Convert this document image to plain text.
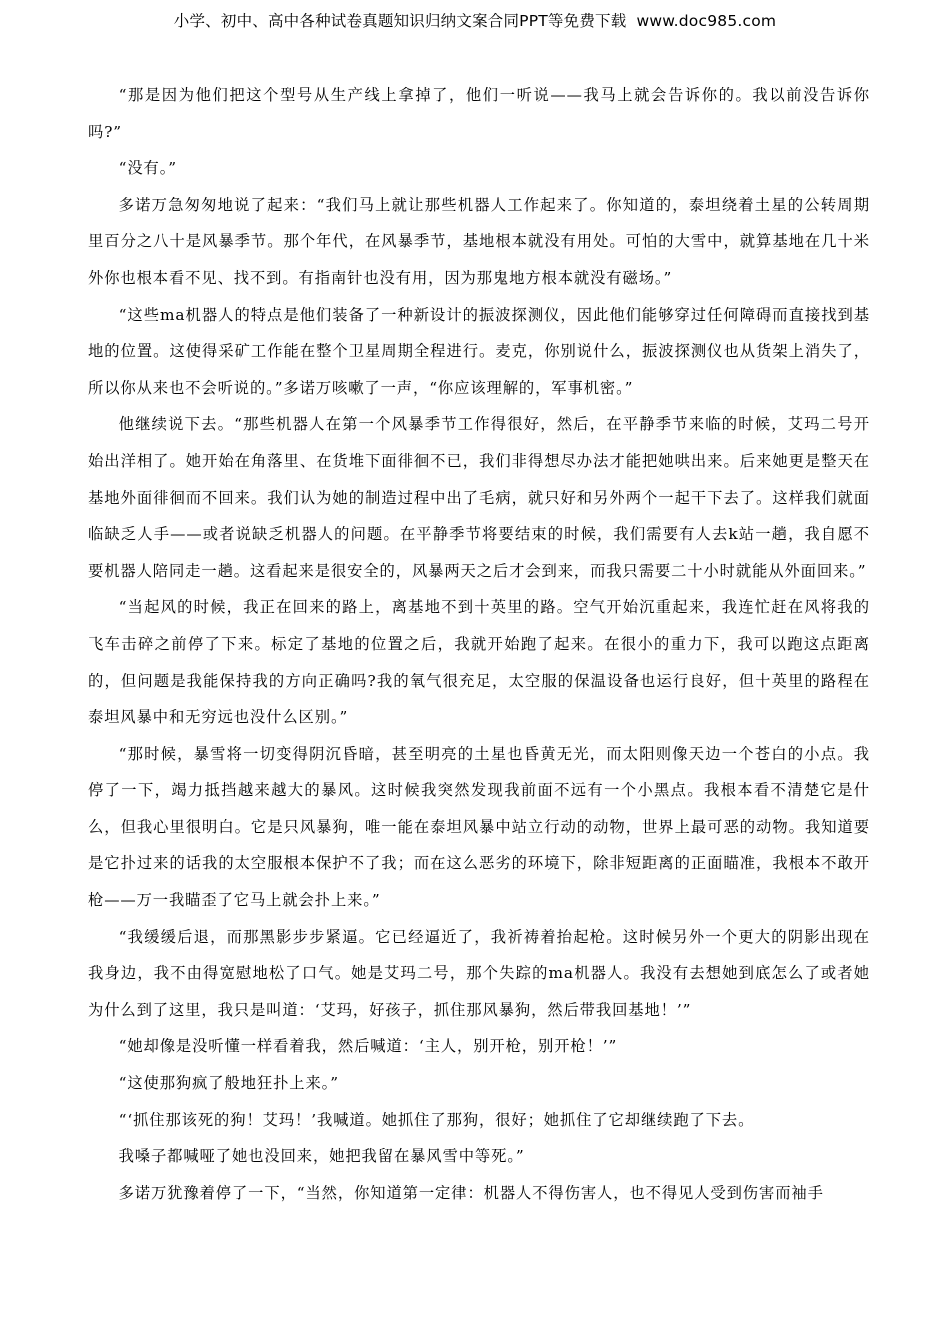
小学、初中、高中各种试卷真题知识归纳文案合同PPT等免费下载 www.doc985.com

“那是因为他们把这个型号从生产线上拿掉了，他们一听说——我马上就会告诉你的。我以前没告诉你吗?”

“没有。”

多诺万急匆匆地说了起来：“我们马上就让那些机器人工作起来了。你知道的，泰坦绕着土星的公转周期里百分之八十是风暴季节。那个年代，在风暴季节，基地根本就没有用处。可怕的大雪中，就算基地在几十米外你也根本看不见、找不到。有指南针也没有用，因为那鬼地方根本就没有磁场。”

“这些ma机器人的特点是他们装备了一种新设计的振波探测仪，因此他们能够穿过任何障碍而直接找到基地的位置。这使得采矿工作能在整个卫星周期全程进行。麦克，你别说什么，振波探测仪也从货架上消失了，所以你从来也不会听说的。”多诺万咳嗽了一声，“你应该理解的，军事机密。”

他继续说下去。“那些机器人在第一个风暴季节工作得很好，然后，在平静季节来临的时候，艾玛二号开始出洋相了。她开始在角落里、在货堆下面徘徊不已，我们非得想尽办法才能把她哄出来。后来她更是整天在基地外面徘徊而不回来。我们认为她的制造过程中出了毛病，就只好和另外两个一起干下去了。这样我们就面临缺乏人手——或者说缺乏机器人的问题。在平静季节将要结束的时候，我们需要有人去k站一趟，我自愿不要机器人陪同走一趟。这看起来是很安全的，风暴两天之后才会到来，而我只需要二十小时就能从外面回来。”

“当起风的时候，我正在回来的路上，离基地不到十英里的路。空气开始沉重起来，我连忙赶在风将我的飞车击碎之前停了下来。标定了基地的位置之后，我就开始跑了起来。在很小的重力下，我可以跑这点距离的，但问题是我能保持我的方向正确吗?我的氧气很充足，太空服的保温设备也运行良好，但十英里的路程在泰坦风暴中和无穷远也没什么区别。”

“那时候，暴雪将一切变得阴沉昏暗，甚至明亮的土星也昏黄无光，而太阳则像天边一个苍白的小点。我停了一下，竭力抵挡越来越大的暴风。这时候我突然发现我前面不远有一个小黑点。我根本看不清楚它是什么，但我心里很明白。它是只风暴狗，唯一能在泰坦风暴中站立行动的动物，世界上最可恶的动物。我知道要是它扑过来的话我的太空服根本保护不了我；而在这么恶劣的环境下，除非短距离的正面瞄准，我根本不敢开枪——万一我瞄歪了它马上就会扑上来。”

“我缓缓后退，而那黑影步步紧逼。它已经逼近了，我祈祷着抬起枪。这时候另外一个更大的阴影出现在我身边，我不由得宽慰地松了口气。她是艾玛二号，那个失踪的ma机器人。我没有去想她到底怎么了或者她为什么到了这里，我只是叫道：‘艾玛，好孩子，抓住那风暴狗，然后带我回基地！’”

“她却像是没听懂一样看着我，然后喊道：‘主人，别开枪，别开枪！’”

“这使那狗疯了般地狂扑上来。”

“‘抓住那该死的狗！艾玛！’我喊道。她抓住了那狗，很好；她抓住了它却继续跑了下去。

我嗓子都喊哑了她也没回来，她把我留在暴风雪中等死。”

多诺万犹豫着停了一下，“当然，你知道第一定律：机器人不得伤害人，也不得见人受到伤害而袖手
